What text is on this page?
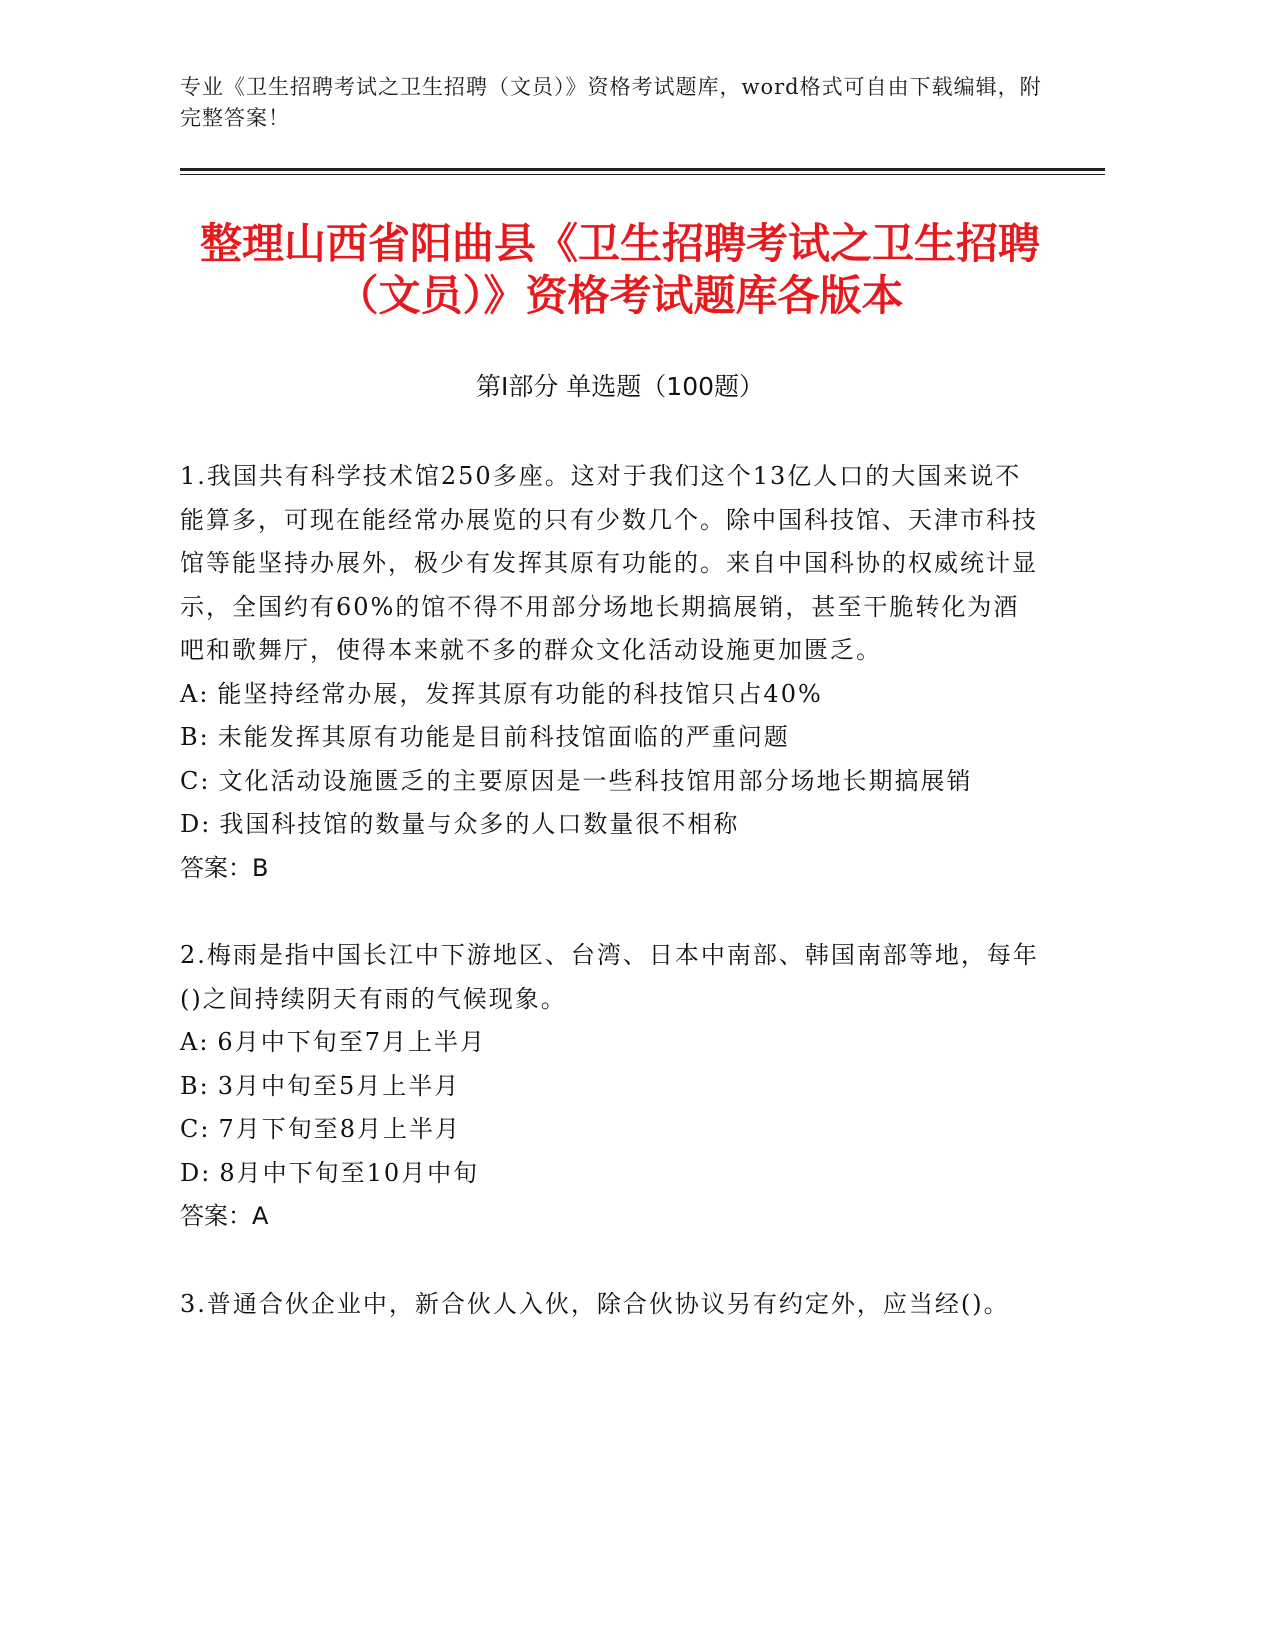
专业《卫生招聘考试之卫生招聘（文员）》资格考试题库，word格式可自由下载编辑，附完整答案！
整理山西省阳曲县《卫生招聘考试之卫生招聘（文员）》资格考试题库各版本
第I部分 单选题（100题）

1.我国共有科学技术馆250多座。这对于我们这个13亿人口的大国来说不能算多，可现在能经常办展览的只有少数几个。除中国科技馆、天津市科技馆等能坚持办展外，极少有发挥其原有功能的。来自中国科协的权威统计显示，全国约有60%的馆不得不用部分场地长期搞展销，甚至干脆转化为酒吧和歌舞厅，使得本来就不多的群众文化活动设施更加匮乏。

A: 能坚持经常办展，发挥其原有功能的科技馆只占40%

B: 未能发挥其原有功能是目前科技馆面临的严重问题

C: 文化活动设施匮乏的主要原因是一些科技馆用部分场地长期搞展销

D: 我国科技馆的数量与众多的人口数量很不相称

答案：B

2.梅雨是指中国长江中下游地区、台湾、日本中南部、韩国南部等地，每年()之间持续阴天有雨的气候现象。

A: 6月中下旬至7月上半月

B: 3月中旬至5月上半月

C: 7月下旬至8月上半月

D: 8月中下旬至10月中旬

答案：A

3.普通合伙企业中，新合伙人入伙，除合伙协议另有约定外，应当经()。
